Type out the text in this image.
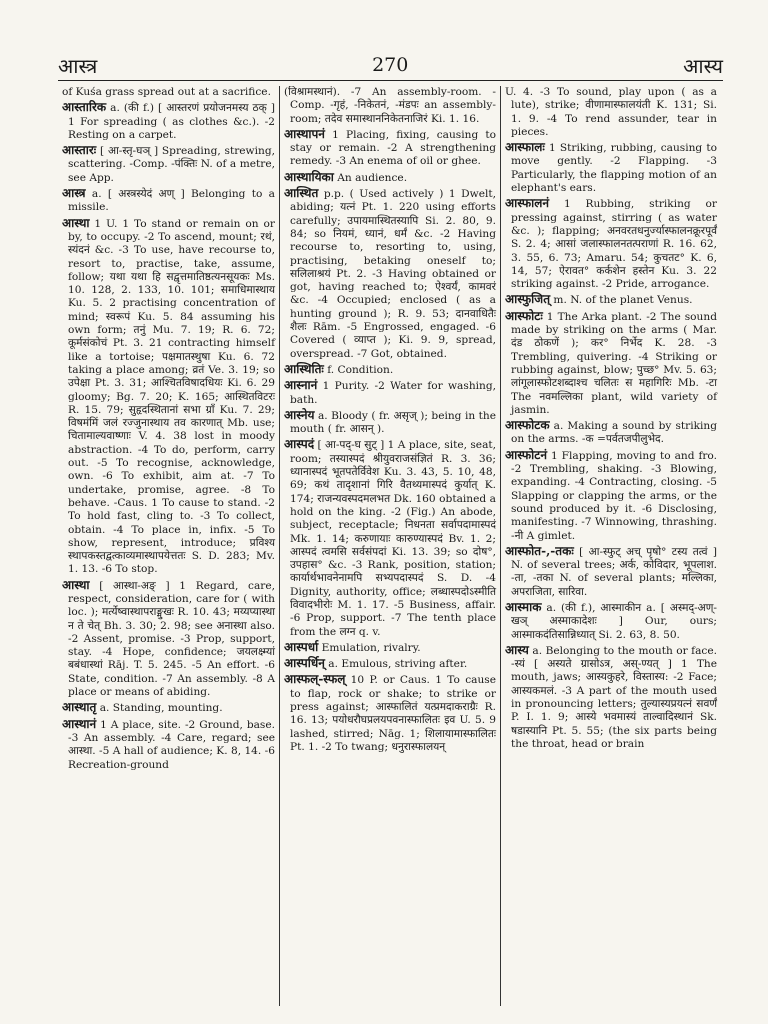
आस्त्र	270	आस्य

of Kuśa grass spread out at a sacrifice.

आस्तारिक a. (की f.) [ आस्तरणं प्रयोजनमस्य ठक् ] 1 For spreading ( as clothes &c.). -2 Resting on a carpet.

आस्तारः [ आ-स्तृ-घञ् ] Spreading, strewing, scattering. -Comp. -पंक्तिः N. of a metre, see App.

आस्त्र a. [ अस्त्रस्येदं अण् ] Belonging to a missile.

आस्था 1 U. 1 To stand or remain on or by, to occupy. -2 To ascend, mount; रथं, स्यंदनं &c. -3 To use, have recourse to, resort to, practise, take, assume, follow; यथा यथा हि सद्वृत्तमातिष्ठत्यनसूयकः Ms. 10. 128, 2. 133, 10. 101; समाधिमास्थाय Ku. 5. 2 practising concentration of mind; स्वरूपं Ku. 5. 84 assuming his own form; तनुं Mu. 7. 19; R. 6. 72; कूर्मसंकोचं Pt. 3. 21 contracting himself like a tortoise; पक्षमातस्थुषा Ku. 6. 72 taking a place among; व्रतं Ve. 3. 19; so उपेक्षा Pt. 3. 31; आश्चितविषादधियः Ki. 6. 29 gloomy; Bg. 7. 20; K. 165; आस्थितविटरः R. 15. 79; सुहृदस्थितानां सभा ग्राँ Ku. 7. 29; विषमंमिं जलं रज्जुनास्थाय तव कारणात् Mb. use; चितामाल्यवाष्णाः V. 4. 38 lost in moody abstraction. -4 To do, perform, carry out. -5 To recognise, acknowledge, own. -6 To exhibit, aim at. -7 To undertake, promise, agree. -8 To behave. -Caus. 1 To cause to stand. -2 To hold fast, cling to. -3 To collect, obtain. -4 To place in, infix. -5 To show, represent, introduce; प्रविश्य स्थापकस्तद्वत्काव्यमास्थापयेत्ततः S. D. 283; Mv. 1. 13. -6 To stop.

आस्था [ आस्था-अङ् ] 1 Regard, care, respect, consideration, care for ( with loc. ); मर्त्येष्वास्थापराङ्मुखः R. 10. 43; मय्यप्यास्था न ते चेत् Bh. 3. 30; 2. 98; see अनास्था also. -2 Assent, promise. -3 Prop, support, stay. -4 Hope, confidence; जयलक्ष्म्यां बबंधास्थां Rāj. T. 5. 245. -5 An effort. -6 State, condition. -7 An assembly. -8 A place or means of abiding.

आस्थातृ a. Standing, mounting.

आस्थानं 1 A place, site. -2 Ground, base. -3 An assembly. -4 Care, regard; see आस्था. -5 A hall of audience; K. 8, 14. -6 Recreation-ground

(विश्रामस्थानं). -7 An assembly-room. -Comp. -गृहं, -निकेतनं, -मंडपः an assembly-room; तदेव समास्थाननिकेतनाजिरं Ki. 1. 16.

आस्थापनं 1 Placing, fixing, causing to stay or remain. -2 A strengthening remedy. -3 An enema of oil or ghee.

आस्थायिका An audience.

आस्थित p.p. ( Used actively ) 1 Dwelt, abiding; यत्नं Pt. 1. 220 using efforts carefully; उपायमास्थितस्यापि Si. 2. 80, 9. 84; so नियमं, ध्यानं, धर्मं &c. -2 Having recourse to, resorting to, using, practising, betaking oneself to; सलिलाश्रयं Pt. 2. -3 Having obtained or got, having reached to; ऐश्वर्यं, कामवरं &c. -4 Occupied; enclosed ( as a hunting ground ); R. 9. 53; दानवाधितैः शैलः Rām. -5 Engrossed, engaged. -6 Covered ( व्याप्त ); Ki. 9. 9, spread, overspread. -7 Got, obtained.

आस्थितिः f. Condition.

आस्नानं 1 Purity. -2 Water for washing, bath.

आस्नेय a. Bloody ( fr. असृज् ); being in the mouth ( fr. आसन् ).

आस्पदं [ आ-पद्-घ सुट् ] 1 A place, site, seat, room; तस्यास्पदं श्रीयुवराजसंज्ञितं R. 3. 36; ध्यानास्पदं भूतपतेर्विवेश Ku. 3. 43, 5. 10, 48, 69; कथं तादृशानां गिरि वैतथ्यमास्पदं कुर्यात् K. 174; राजन्यवस्पदमलभत Dk. 160 obtained a hold on the king. -2 (Fig.) An abode, subject, receptacle; निधनता सर्वापदामास्पदं Mk. 1. 14; करुणायाः कारुण्यास्पदं Bv. 1. 2; आस्पदं त्वमसि सर्वसंपदां Ki. 13. 39; so दोष°, उपहास° &c. -3 Rank, position, station; कार्यार्थभावनेनामपि सभ्यपदास्पदं S. D. -4 Dignity, authority, office; लब्धास्पदोऽस्मीति विवादभीरोः M. 1. 17. -5 Business, affair. -6 Prop, support. -7 The tenth place from the लग्न q. v.

आस्पर्धा Emulation, rivalry.

आस्पर्धिन् a. Emulous, striving after.

आस्फल्-स्फल् 10 P. or Caus. 1 To cause to flap, rock or shake; to strike or press against; आस्फालितं यत्प्रमदाकराग्रैः R. 16. 13; पयोधरौघप्रलयपवनास्फालितः इव U. 5. 9 lashed, stirred; Nāg. 1; शिलायामास्फालितः Pt. 1. -2 To twang; धनुरास्फालयन्

U. 4. -3 To sound, play upon ( as a lute), strike; वीणामास्फालयंती K. 131; Si. 1. 9. -4 To rend assunder, tear in pieces.

आस्फालः 1 Striking, rubbing, causing to move gently. -2 Flapping. -3 Particularly, the flapping motion of an elephant's ears.

आस्फालनं 1 Rubbing, striking or pressing against, stirring ( as water &c. ); flapping; अनवरतधनुर्ज्यास्फालनक्रूरपूर्वं S. 2. 4; आसां जलास्फालनतत्पराणां R. 16. 62, 3. 55, 6. 73; Amaru. 54; कुचतट° K. 6, 14, 57; ऐरावत° कर्कशेन हस्तेन Ku. 3. 22 striking against. -2 Pride, arrogance.

आस्फुजित् m. N. of the planet Venus.

आस्फोटः 1 The Arka plant. -2 The sound made by striking on the arms ( Mar. दंड ठोकणें ); कर° निर्भेद K. 28. -3 Trembling, quivering. -4 Striking or rubbing against, blow; पुच्छ° Mv. 5. 63; लांगूलास्फोटशब्दाश्च चलितः स महागिरिः Mb. -टा The नवमल्लिका plant, wild variety of jasmin.

आस्फोटक a. Making a sound by striking on the arms. -क =पर्वतजपीलुभेद.

आस्फोटनं 1 Flapping, moving to and fro. -2 Trembling, shaking. -3 Blowing, expanding. -4 Contracting, closing. -5 Slapping or clapping the arms, or the sound produced by it. -6 Disclosing, manifesting. -7 Winnowing, thrashing. -नी A gimlet.

आस्फोत-,-तकः [ आ-स्फुट् अच् पृषो° टस्य तत्वं ] N. of several trees; अर्क, कोविदार, भूपलाश. -ता, -तका N. of several plants; मल्लिका, अपराजिता, सारिवा.

आस्माक a. (की f.), आस्माकीन a. [ अस्मद्-अण्-खञ् अस्माकादेशः ] Our, ours; आस्माकदंतिसान्निध्यात् Si. 2. 63, 8. 50.

आस्य a. Belonging to the mouth or face. -स्यं [ अस्यते ग्रासोऽत्र, अस्-ण्यत् ] 1 The mouth, jaws; आस्यकुहरे, विस्तास्य: -2 Face; आस्यकमलं. -3 A part of the mouth used in pronouncing letters; तुल्यास्यप्रयत्नं सवर्णं P. I. 1. 9; आस्ये भवमास्यं ताल्वादिस्थानं Sk. षडास्यानि Pt. 5. 55; (the six parts being the throat, head or brain
